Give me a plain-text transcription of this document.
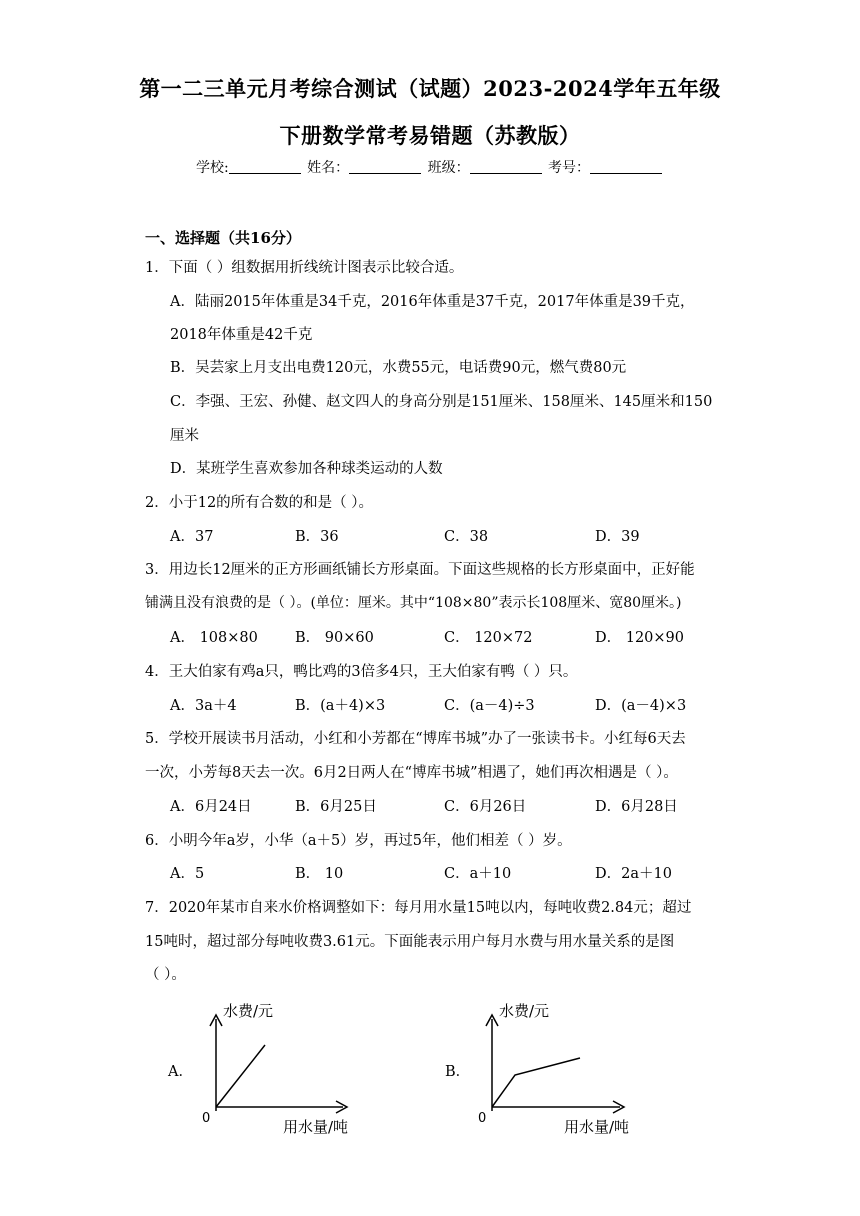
第一二三单元月考综合测试（试题）2023-2024学年五年级
下册数学常考易错题（苏教版）
学校:	姓名：	班级：	考号：
一、选择题（共16分）
1．下面（ ）组数据用折线统计图表示比较合适。
A．陆丽2015年体重是34千克，2016年体重是37千克，2017年体重是39千克，
2018年体重是42千克
B．吴芸家上月支出电费120元，水费55元，电话费90元，燃气费80元
C．李强、王宏、孙健、赵文四人的身高分别是151厘米、158厘米、145厘米和150
厘米
D．某班学生喜欢参加各种球类运动的人数
2．小于12的所有合数的和是（ ）。
A．37	B．36	C．38	D．39
3．用边长12厘米的正方形画纸铺长方形桌面。下面这些规格的长方形桌面中，正好能
铺满且没有浪费的是（ ）。(单位：厘米。其中“108×80”表示长108厘米、宽80厘米。)
A． 108×80	B． 90×60	C． 120×72	D． 120×90
4．王大伯家有鸡a只，鸭比鸡的3倍多4只，王大伯家有鸭（ ）只。
A．3a＋4	B．(a＋4)×3	C．(a－4)÷3	D．(a－4)×3
5．学校开展读书月活动，小红和小芳都在“博库书城”办了一张读书卡。小红每6天去
一次，小芳每8天去一次。6月2日两人在“博库书城”相遇了，她们再次相遇是（ ）。
A．6月24日	B．6月25日	C．6月26日	D．6月28日
6．小明今年a岁，小华（a＋5）岁，再过5年，他们相差（ ）岁。
A．5	B． 10	C．a＋10	D．2a＋10
7．2020年某市自来水价格调整如下：每月用水量15吨以内，每吨收费2.84元；超过
15吨时，超过部分每吨收费3.61元。下面能表示用户每月水费与用水量关系的是图
（ ）。
A．
水费/元
0	用水量/吨
B．
水费/元
0	用水量/吨
